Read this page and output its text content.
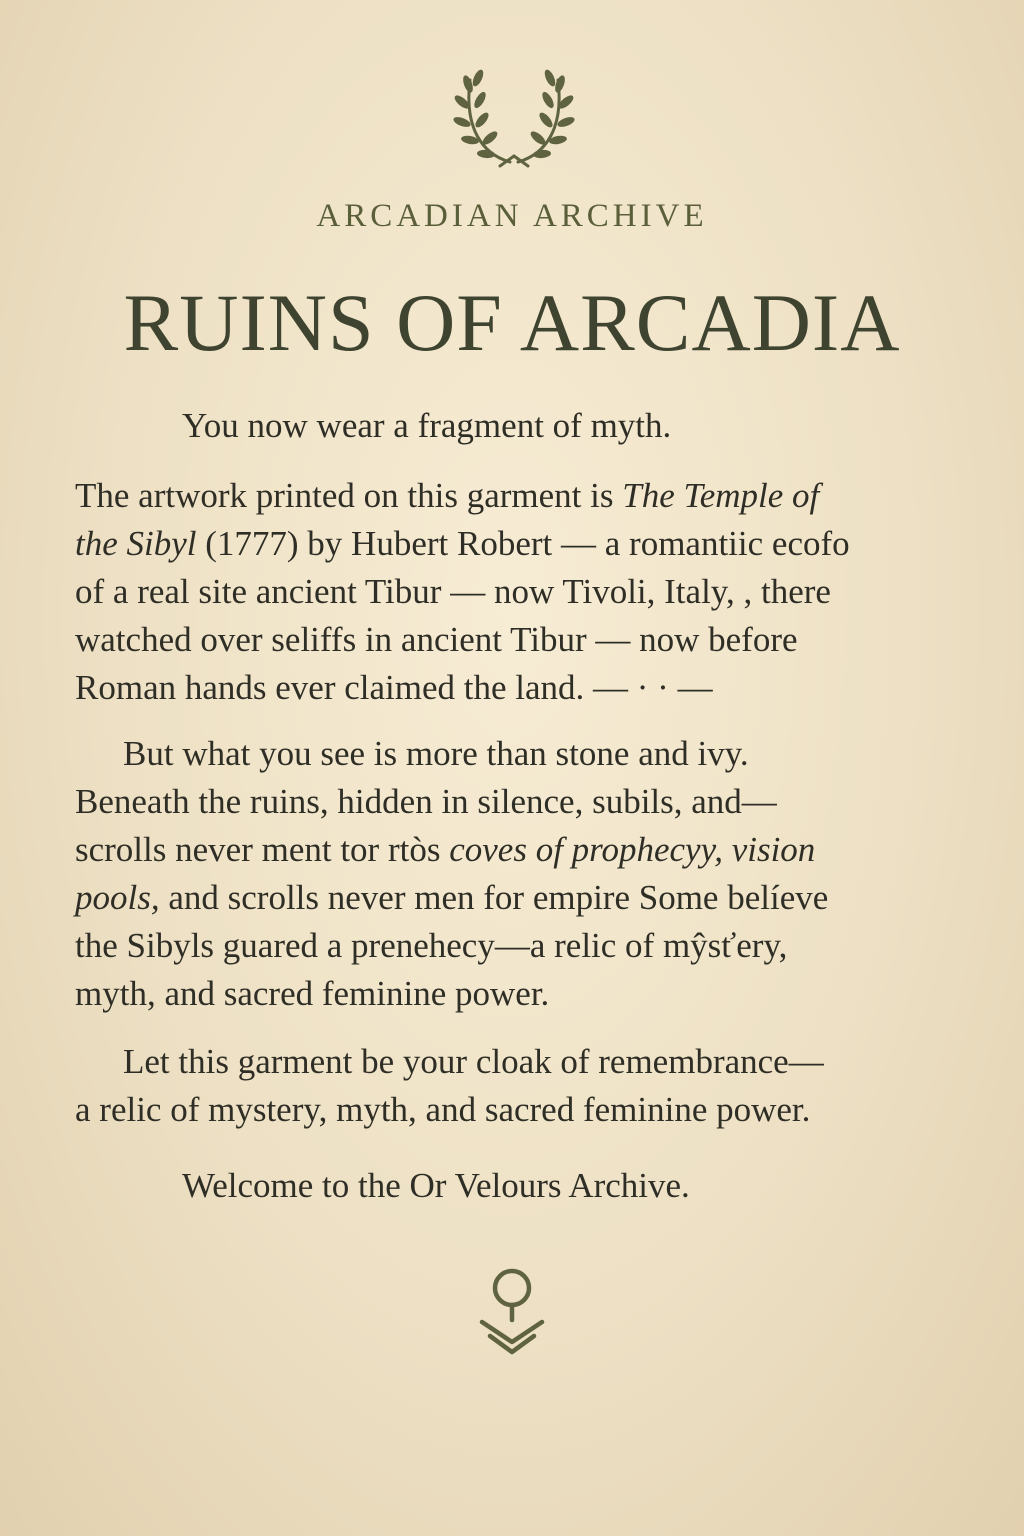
ARCADIAN ARCHIVE
RUINS OF ARCADIA
You now wear a fragment of myth.
The artwork printed on this garment is The Temple of
the Sibyl (1777) by Hubert Robert — a romantiic ecofo
of a real site ancient Tibur — now Tivoli, Italy, , there
watched over seliffs in ancient Tibur — now before
Roman hands ever claimed the land. — · · —
But what you see is more than stone and ivy.
Beneath the ruins, hidden in silence, subils, and—
scrolls never ment tor rtòs coves of prophecyy, vision
pools, and scrolls never men for empire Some belíeve
the Sibyls guared a prenehecy—a relic of mŷsťery,
myth, and sacred feminine power.
Let this garment be your cloak of remembrance—
a relic of mystery, myth, and sacred feminine power.
Welcome to the Or Velours Archive.
